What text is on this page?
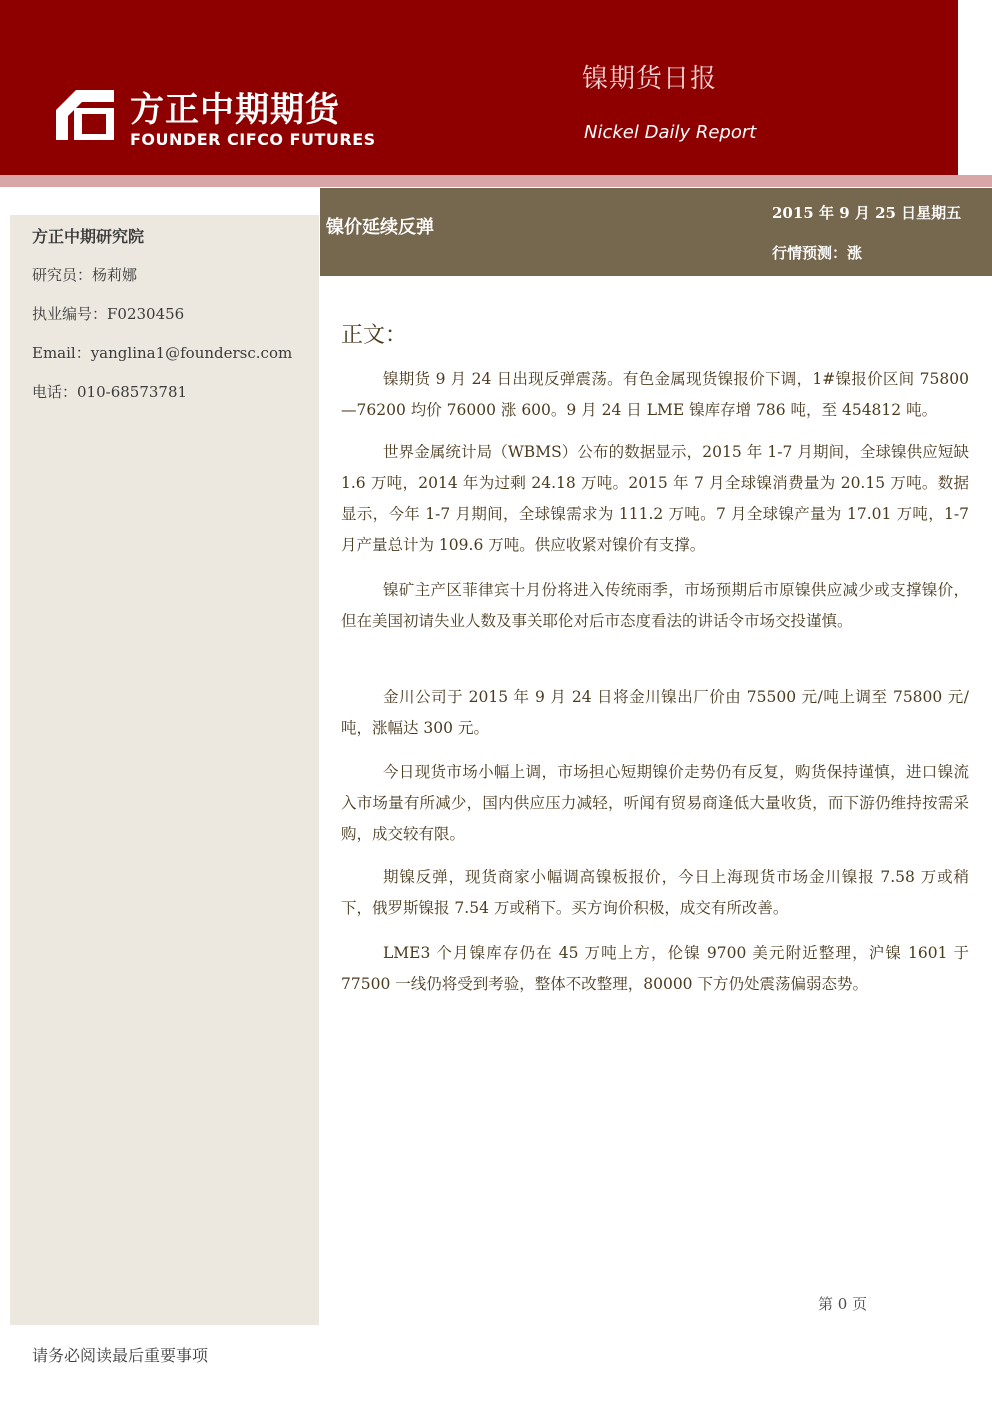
方正中期期货
FOUNDER CIFCO FUTURES
镍期货日报
Nickel Daily Report
方正中期研究院
研究员：杨莉娜
执业编号：F0230456
Email：yanglina1@foundersc.com
电话：010-68573781
镍价延续反弹
2015 年 9 月 25 日星期五
行情预测：涨
正文：

镍期货 9 月 24 日出现反弹震荡。有色金属现货镍报价下调，1#镍报价区间 75800—76200 均价 76000 涨 600。9 月 24 日 LME 镍库存增 786 吨，至 454812 吨。

世界金属统计局（WBMS）公布的数据显示，2015 年 1-7 月期间，全球镍供应短缺 1.6 万吨，2014 年为过剩 24.18 万吨。2015 年 7 月全球镍消费量为 20.15 万吨。数据显示，今年 1-7 月期间，全球镍需求为 111.2 万吨。7 月全球镍产量为 17.01 万吨，1-7 月产量总计为 109.6 万吨。供应收紧对镍价有支撑。

镍矿主产区菲律宾十月份将进入传统雨季，市场预期后市原镍供应减少或支撑镍价，但在美国初请失业人数及事关耶伦对后市态度看法的讲话令市场交投谨慎。

金川公司于 2015 年 9 月 24 日将金川镍出厂价由 75500 元/吨上调至 75800 元/吨，涨幅达 300 元。

今日现货市场小幅上调，市场担心短期镍价走势仍有反复，购货保持谨慎，进口镍流入市场量有所减少，国内供应压力减轻，听闻有贸易商逢低大量收货，而下游仍维持按需采购，成交较有限。

期镍反弹，现货商家小幅调高镍板报价，今日上海现货市场金川镍报 7.58 万或稍下，俄罗斯镍报 7.54 万或稍下。买方询价积极，成交有所改善。

LME3 个月镍库存仍在 45 万吨上方，伦镍 9700 美元附近整理，沪镍 1601 于 77500 一线仍将受到考验，整体不改整理，80000 下方仍处震荡偏弱态势。

第 0 页
请务必阅读最后重要事项
